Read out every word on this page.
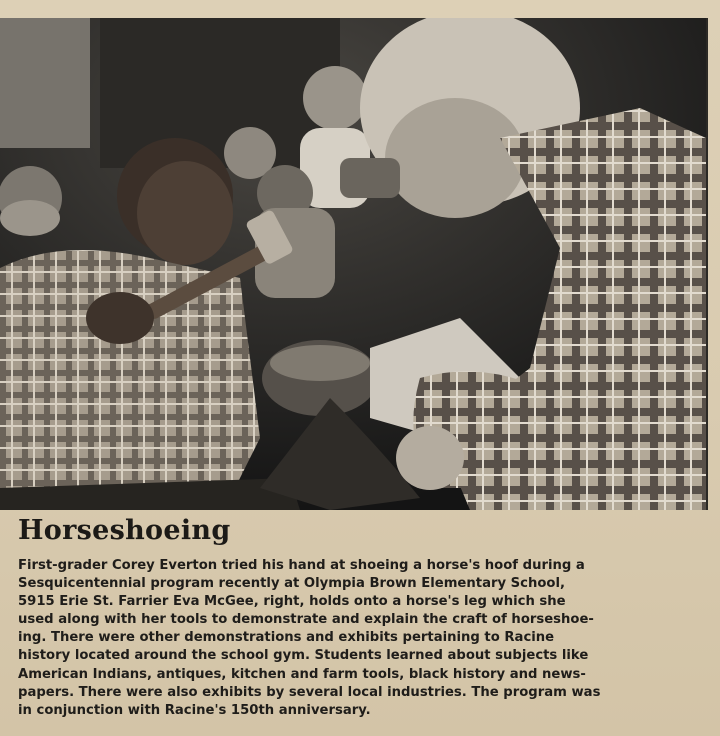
Horseshoeing

First-grader Corey Everton tried his hand at shoeing a horse's hoof during a
Sesquicentennial program recently at Olympia Brown Elementary School,
5915 Erie St. Farrier Eva McGee, right, holds onto a horse's leg which she
used along with her tools to demonstrate and explain the craft of horseshoe-
ing. There were other demonstrations and exhibits pertaining to Racine
history located around the school gym. Students learned about subjects like
American Indians, antiques, kitchen and farm tools, black history and news-
papers. There were also exhibits by several local industries. The program was
in conjunction with Racine's 150th anniversary.
